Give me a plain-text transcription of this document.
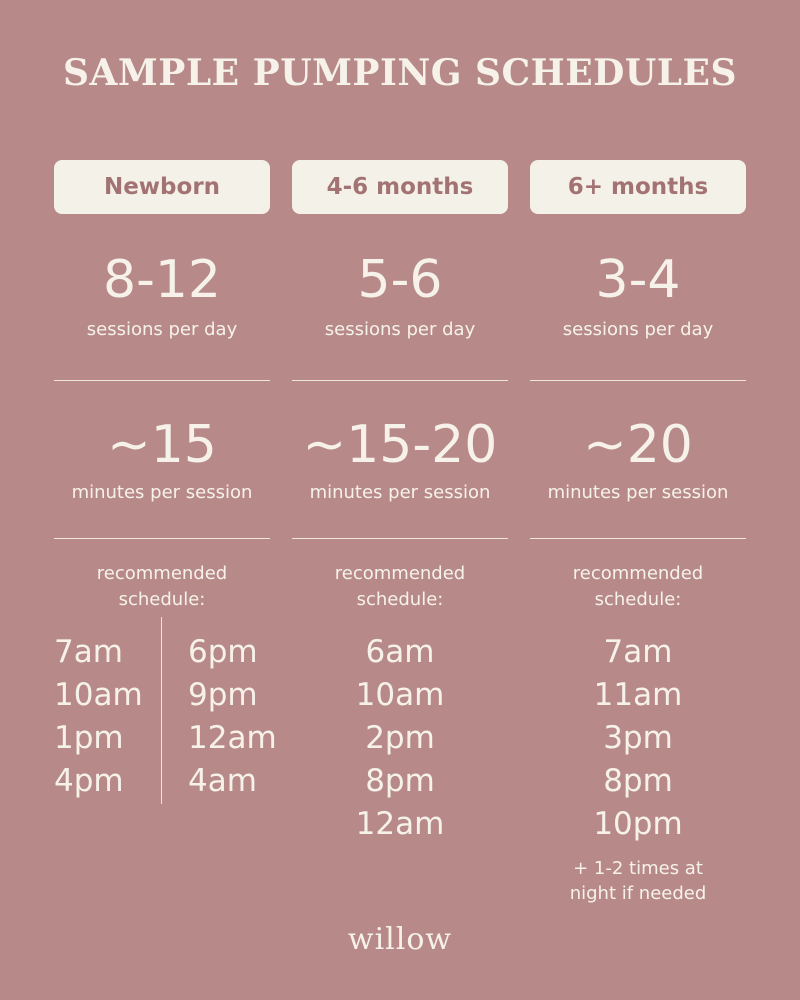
SAMPLE PUMPING SCHEDULES
Newborn
8-12
sessions per day
~15
minutes per session
recommended
schedule:
7am
10am
1pm
4pm
6pm
9pm
12am
4am
4-6 months
5-6
sessions per day
~15-20
minutes per session
recommended
schedule:
6am
10am
2pm
8pm
12am
6+ months
3-4
sessions per day
~20
minutes per session
recommended
schedule:
7am
11am
3pm
8pm
10pm
+ 1-2 times at
night if needed
willow
